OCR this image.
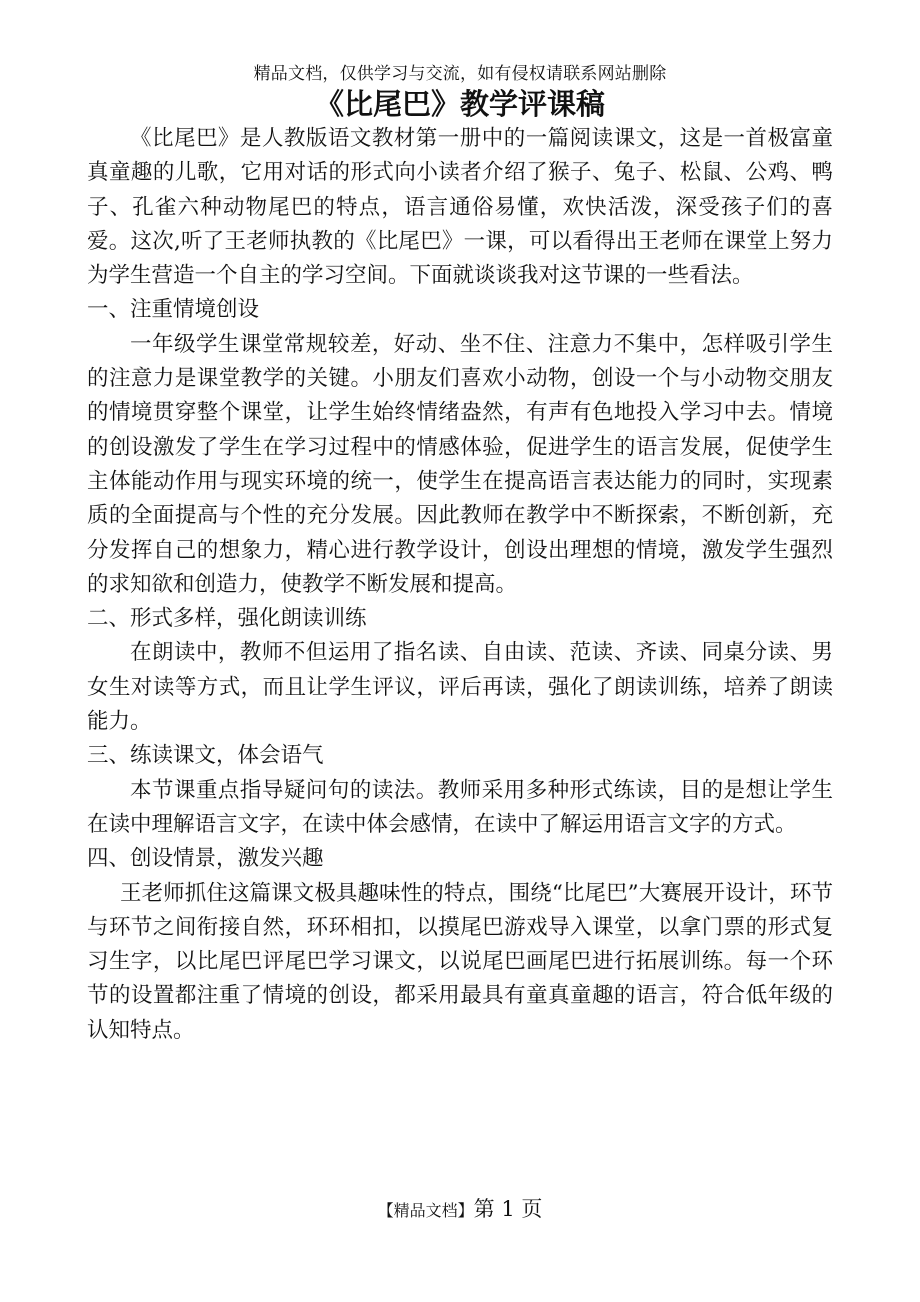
精品文档，仅供学习与交流，如有侵权请联系网站删除
《比尾巴》教学评课稿

《比尾巴》是人教版语文教材第一册中的一篇阅读课文，这是一首极富童真童趣的儿歌，它用对话的形式向小读者介绍了猴子、兔子、松鼠、公鸡、鸭子、孔雀六种动物尾巴的特点，语言通俗易懂，欢快活泼，深受孩子们的喜爱。这次,听了王老师执教的《比尾巴》一课，可以看得出王老师在课堂上努力为学生营造一个自主的学习空间。下面就谈谈我对这节课的一些看法。

一、注重情境创设

一年级学生课堂常规较差，好动、坐不住、注意力不集中，怎样吸引学生的注意力是课堂教学的关键。小朋友们喜欢小动物，创设一个与小动物交朋友的情境贯穿整个课堂，让学生始终情绪盎然，有声有色地投入学习中去。情境的创设激发了学生在学习过程中的情感体验，促进学生的语言发展，促使学生主体能动作用与现实环境的统一，使学生在提高语言表达能力的同时，实现素质的全面提高与个性的充分发展。因此教师在教学中不断探索，不断创新，充分发挥自己的想象力，精心进行教学设计，创设出理想的情境，激发学生强烈的求知欲和创造力，使教学不断发展和提高。

二、形式多样，强化朗读训练

在朗读中，教师不但运用了指名读、自由读、范读、齐读、同桌分读、男女生对读等方式，而且让学生评议，评后再读，强化了朗读训练，培养了朗读能力。

三、练读课文，体会语气

本节课重点指导疑问句的读法。教师采用多种形式练读，目的是想让学生在读中理解语言文字，在读中体会感情，在读中了解运用语言文字的方式。

四、创设情景，激发兴趣

王老师抓住这篇课文极具趣味性的特点，围绕“比尾巴”大赛展开设计，环节与环节之间衔接自然，环环相扣，以摸尾巴游戏导入课堂，以拿门票的形式复习生字，以比尾巴评尾巴学习课文，以说尾巴画尾巴进行拓展训练。每一个环节的设置都注重了情境的创设，都采用最具有童真童趣的语言，符合低年级的认知特点。

【精品文档】第 1 页
